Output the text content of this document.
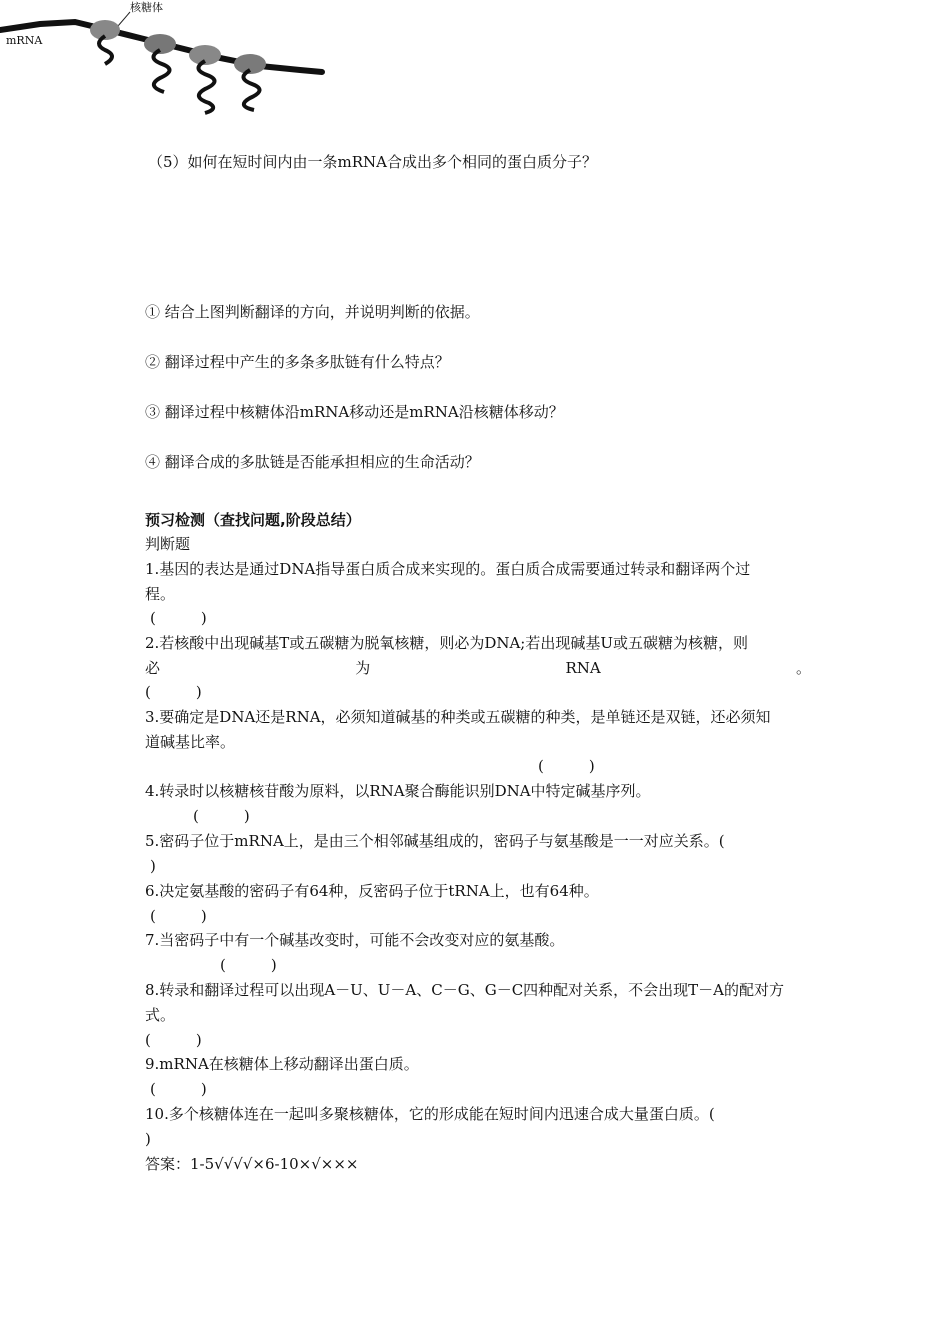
核糖体
mRNA
（5）如何在短时间内由一条mRNA合成出多个相同的蛋白质分子？
① 结合上图判断翻译的方向，并说明判断的依据。
② 翻译过程中产生的多条多肽链有什么特点？
③ 翻译过程中核糖体沿mRNA移动还是mRNA沿核糖体移动？
④ 翻译合成的多肽链是否能承担相应的生命活动？
预习检测（查找问题,阶段总结）
判断题
1.基因的表达是通过DNA指导蛋白质合成来实现的。蛋白质合成需要通过转录和翻译两个过
程。
(　　　)
2.若核酸中出现碱基T或五碳糖为脱氧核糖，则必为DNA;若出现碱基U或五碳糖为核糖，则
必	为	RNA	。
(　　　)
3.要确定是DNA还是RNA，必须知道碱基的种类或五碳糖的种类，是单链还是双链，还必须知
道碱基比率。
(　　　)
4.转录时以核糖核苷酸为原料，以RNA聚合酶能识别DNA中特定碱基序列。
(　　　)
5.密码子位于mRNA上，是由三个相邻碱基组成的，密码子与氨基酸是一一对应关系。(
)
6.决定氨基酸的密码子有64种，反密码子位于tRNA上，也有64种。
(　　　)
7.当密码子中有一个碱基改变时，可能不会改变对应的氨基酸。
(　　　)
8.转录和翻译过程可以出现A－U、U－A、C－G、G－C四种配对关系，不会出现T－A的配对方
式。
(　　　)
9.mRNA在核糖体上移动翻译出蛋白质。
(　　　)
10.多个核糖体连在一起叫多聚核糖体，它的形成能在短时间内迅速合成大量蛋白质。(
)
答案：1-5√√√√×6-10×√×××
